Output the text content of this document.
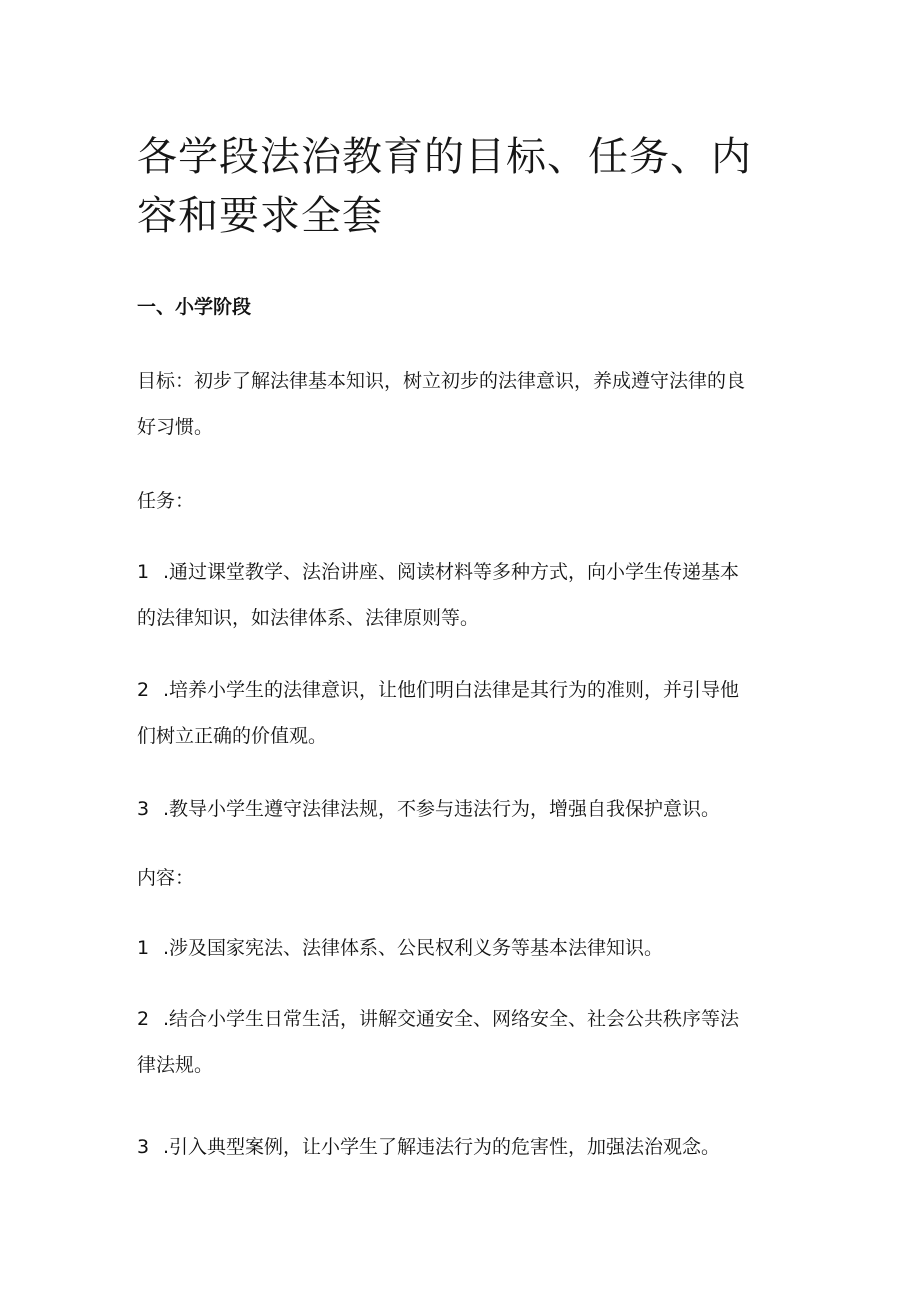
各学段法治教育的目标、任务、内
容和要求全套
一、小学阶段

目标：初步了解法律基本知识，树立初步的法律意识，养成遵守法律的良
好习惯。

任务：

1 .通过课堂教学、法治讲座、阅读材料等多种方式，向小学生传递基本
的法律知识，如法律体系、法律原则等。

2 .培养小学生的法律意识，让他们明白法律是其行为的准则，并引导他
们树立正确的价值观。

3 .教导小学生遵守法律法规，不参与违法行为，增强自我保护意识。

内容：

1 .涉及国家宪法、法律体系、公民权利义务等基本法律知识。

2 .结合小学生日常生活，讲解交通安全、网络安全、社会公共秩序等法
律法规。

3 .引入典型案例，让小学生了解违法行为的危害性，加强法治观念。
